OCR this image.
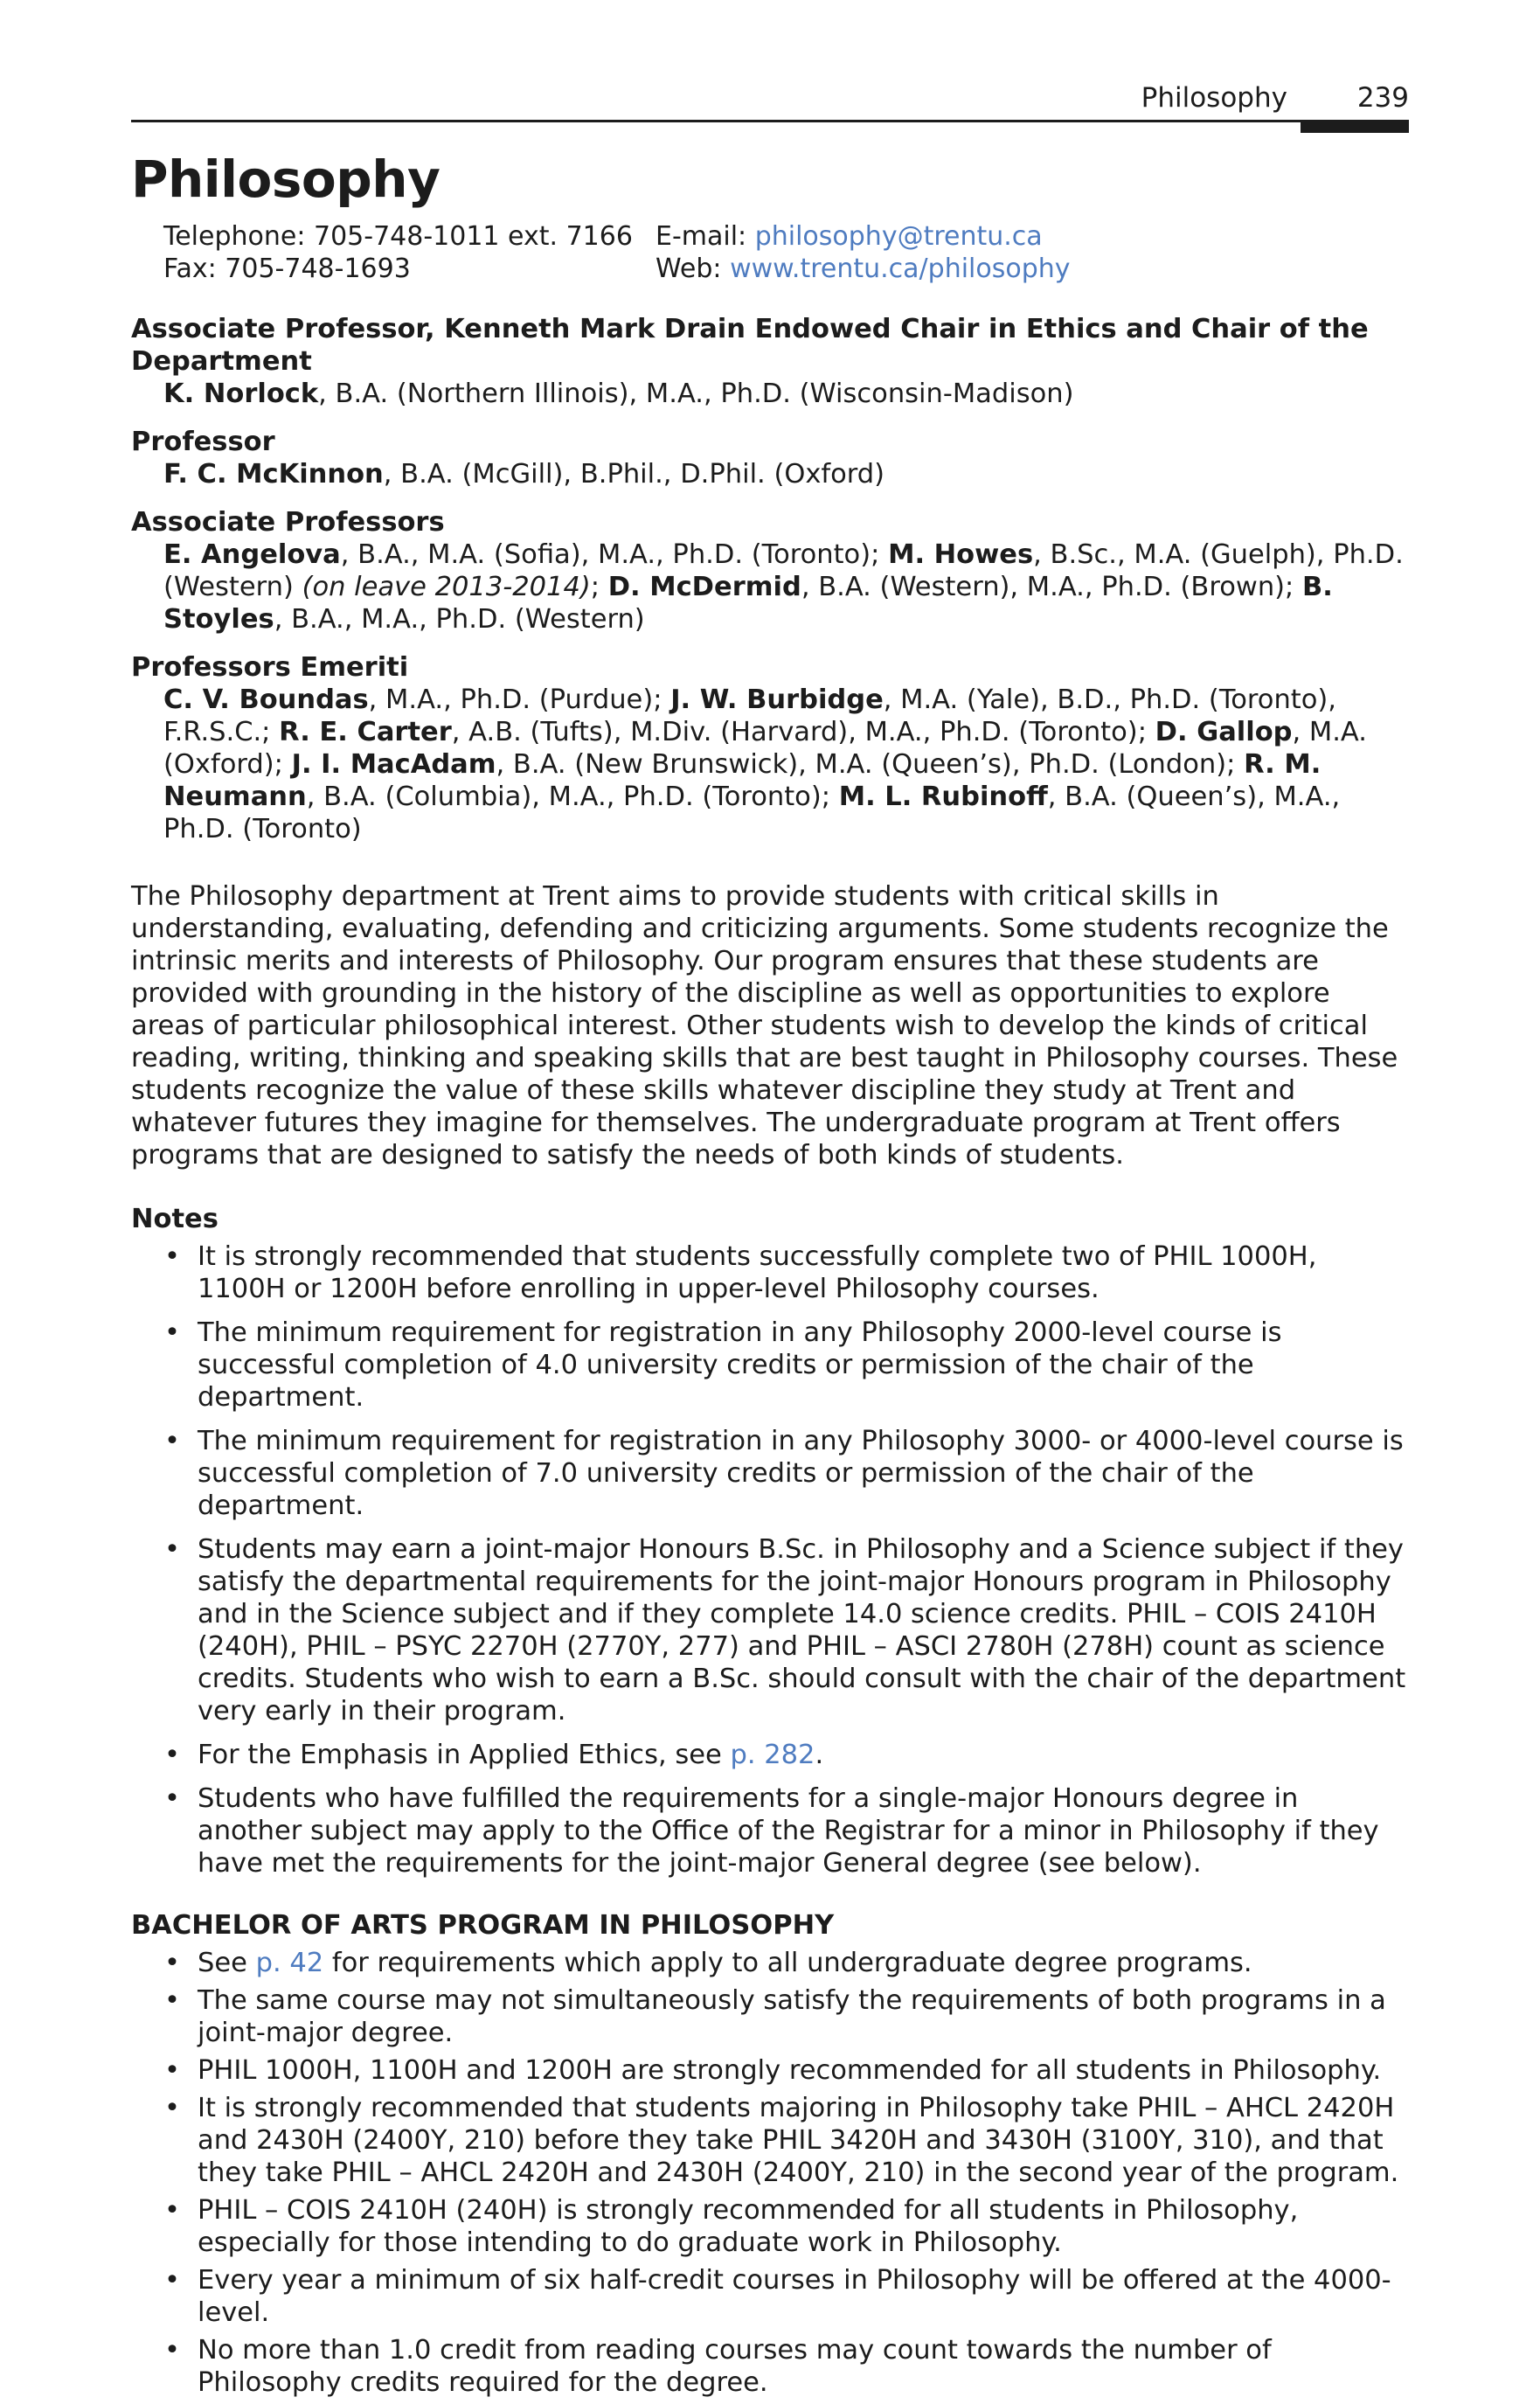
Philosophy	239
Philosophy
Telephone: 705-748-1011 ext. 7166 E-mail: philosophy@trentu.ca
Fax: 705-748-1693	Web: www.trentu.ca/philosophy

Associate Professor, Kenneth Mark Drain Endowed Chair in Ethics and Chair of the Department

K. Norlock, B.A. (Northern Illinois), M.A., Ph.D. (Wisconsin-Madison)

Professor

F. C. McKinnon, B.A. (McGill), B.Phil., D.Phil. (Oxford)

Associate Professors

E. Angelova, B.A., M.A. (Sofia), M.A., Ph.D. (Toronto); M. Howes, B.Sc., M.A. (Guelph), Ph.D. (Western) (on leave 2013-2014); D. McDermid, B.A. (Western), M.A., Ph.D. (Brown); B. Stoyles, B.A., M.A., Ph.D. (Western)

Professors Emeriti

C. V. Boundas, M.A., Ph.D. (Purdue); J. W. Burbidge, M.A. (Yale), B.D., Ph.D. (Toronto), F.R.S.C.; R. E. Carter, A.B. (Tufts), M.Div. (Harvard), M.A., Ph.D. (Toronto); D. Gallop, M.A. (Oxford); J. I. MacAdam, B.A. (New Brunswick), M.A. (Queen’s), Ph.D. (London); R. M. Neumann, B.A. (Columbia), M.A., Ph.D. (Toronto); M. L. Rubinoff, B.A. (Queen’s), M.A., Ph.D. (Toronto)

The Philosophy department at Trent aims to provide students with critical skills in understanding, evaluating, defending and criticizing arguments. Some students recognize the intrinsic merits and interests of Philosophy. Our program ensures that these students are provided with grounding in the history of the discipline as well as opportunities to explore areas of particular philosophical interest. Other students wish to develop the kinds of critical reading, writing, thinking and speaking skills that are best taught in Philosophy courses. These students recognize the value of these skills whatever discipline they study at Trent and whatever futures they imagine for themselves. The undergraduate program at Trent offers programs that are designed to satisfy the needs of both kinds of students.

Notes

• It is strongly recommended that students successfully complete two of PHIL 1000H, 1100H or 1200H before enrolling in upper-level Philosophy courses.
• The minimum requirement for registration in any Philosophy 2000-level course is successful completion of 4.0 university credits or permission of the chair of the department.
• The minimum requirement for registration in any Philosophy 3000- or 4000-level course is successful completion of 7.0 university credits or permission of the chair of the department.
• Students may earn a joint-major Honours B.Sc. in Philosophy and a Science subject if they satisfy the departmental requirements for the joint-major Honours program in Philosophy and in the Science subject and if they complete 14.0 science credits. PHIL – COIS 2410H (240H), PHIL – PSYC 2270H (2770Y, 277) and PHIL – ASCI 2780H (278H) count as science credits. Students who wish to earn a B.Sc. should consult with the chair of the department very early in their program.
• For the Emphasis in Applied Ethics, see p. 282.
• Students who have fulfilled the requirements for a single-major Honours degree in another subject may apply to the Office of the Registrar for a minor in Philosophy if they have met the requirements for the joint-major General degree (see below).

BACHELOR OF ARTS PROGRAM IN PHILOSOPHY

• See p. 42 for requirements which apply to all undergraduate degree programs.
• The same course may not simultaneously satisfy the requirements of both programs in a joint-major degree.
• PHIL 1000H, 1100H and 1200H are strongly recommended for all students in Philosophy.
• It is strongly recommended that students majoring in Philosophy take PHIL – AHCL 2420H and 2430H (2400Y, 210) before they take PHIL 3420H and 3430H (3100Y, 310), and that they take PHIL – AHCL 2420H and 2430H (2400Y, 210) in the second year of the program.
• PHIL – COIS 2410H (240H) is strongly recommended for all students in Philosophy, especially for those intending to do graduate work in Philosophy.
• Every year a minimum of six half-credit courses in Philosophy will be offered at the 4000-level.
• No more than 1.0 credit from reading courses may count towards the number of Philosophy credits required for the degree.
